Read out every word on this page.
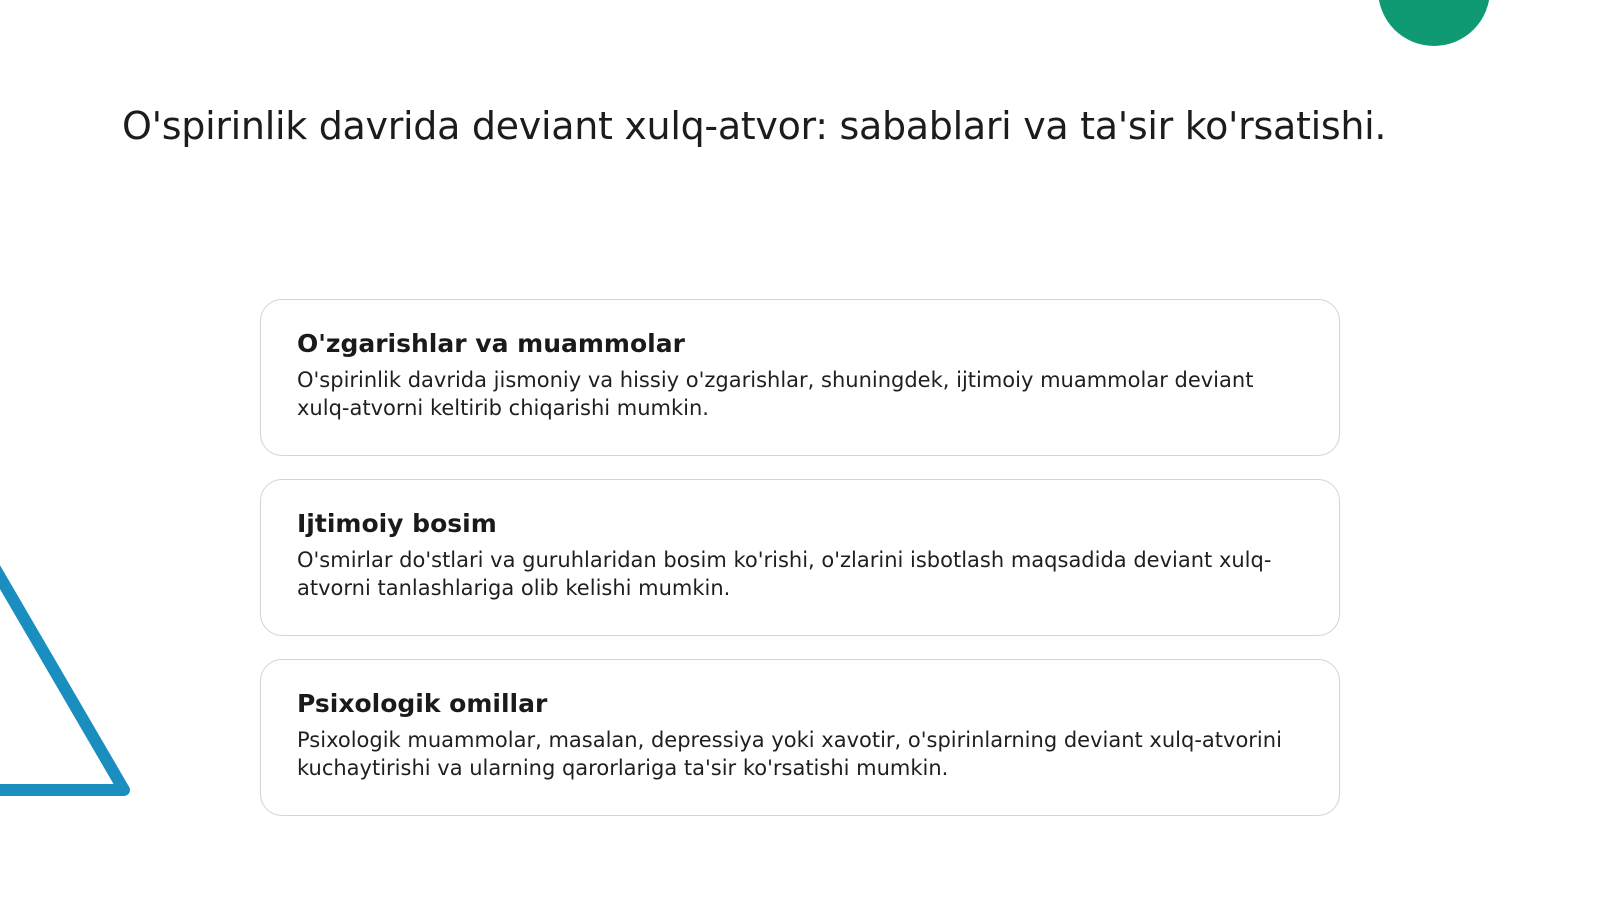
O'spirinlik davrida deviant xulq-atvor: sabablari va ta'sir ko'rsatishi.
O'zgarishlar va muammolar

O'spirinlik davrida jismoniy va hissiy o'zgarishlar, shuningdek, ijtimoiy muammolar deviant xulq-atvorni keltirib chiqarishi mumkin.

Ijtimoiy bosim

O'smirlar do'stlari va guruhlaridan bosim ko'rishi, o'zlarini isbotlash maqsadida deviant xulq-atvorni tanlashlariga olib kelishi mumkin.

Psixologik omillar

Psixologik muammolar, masalan, depressiya yoki xavotir, o'spirinlarning deviant xulq-atvorini kuchaytirishi va ularning qarorlariga ta'sir ko'rsatishi mumkin.
